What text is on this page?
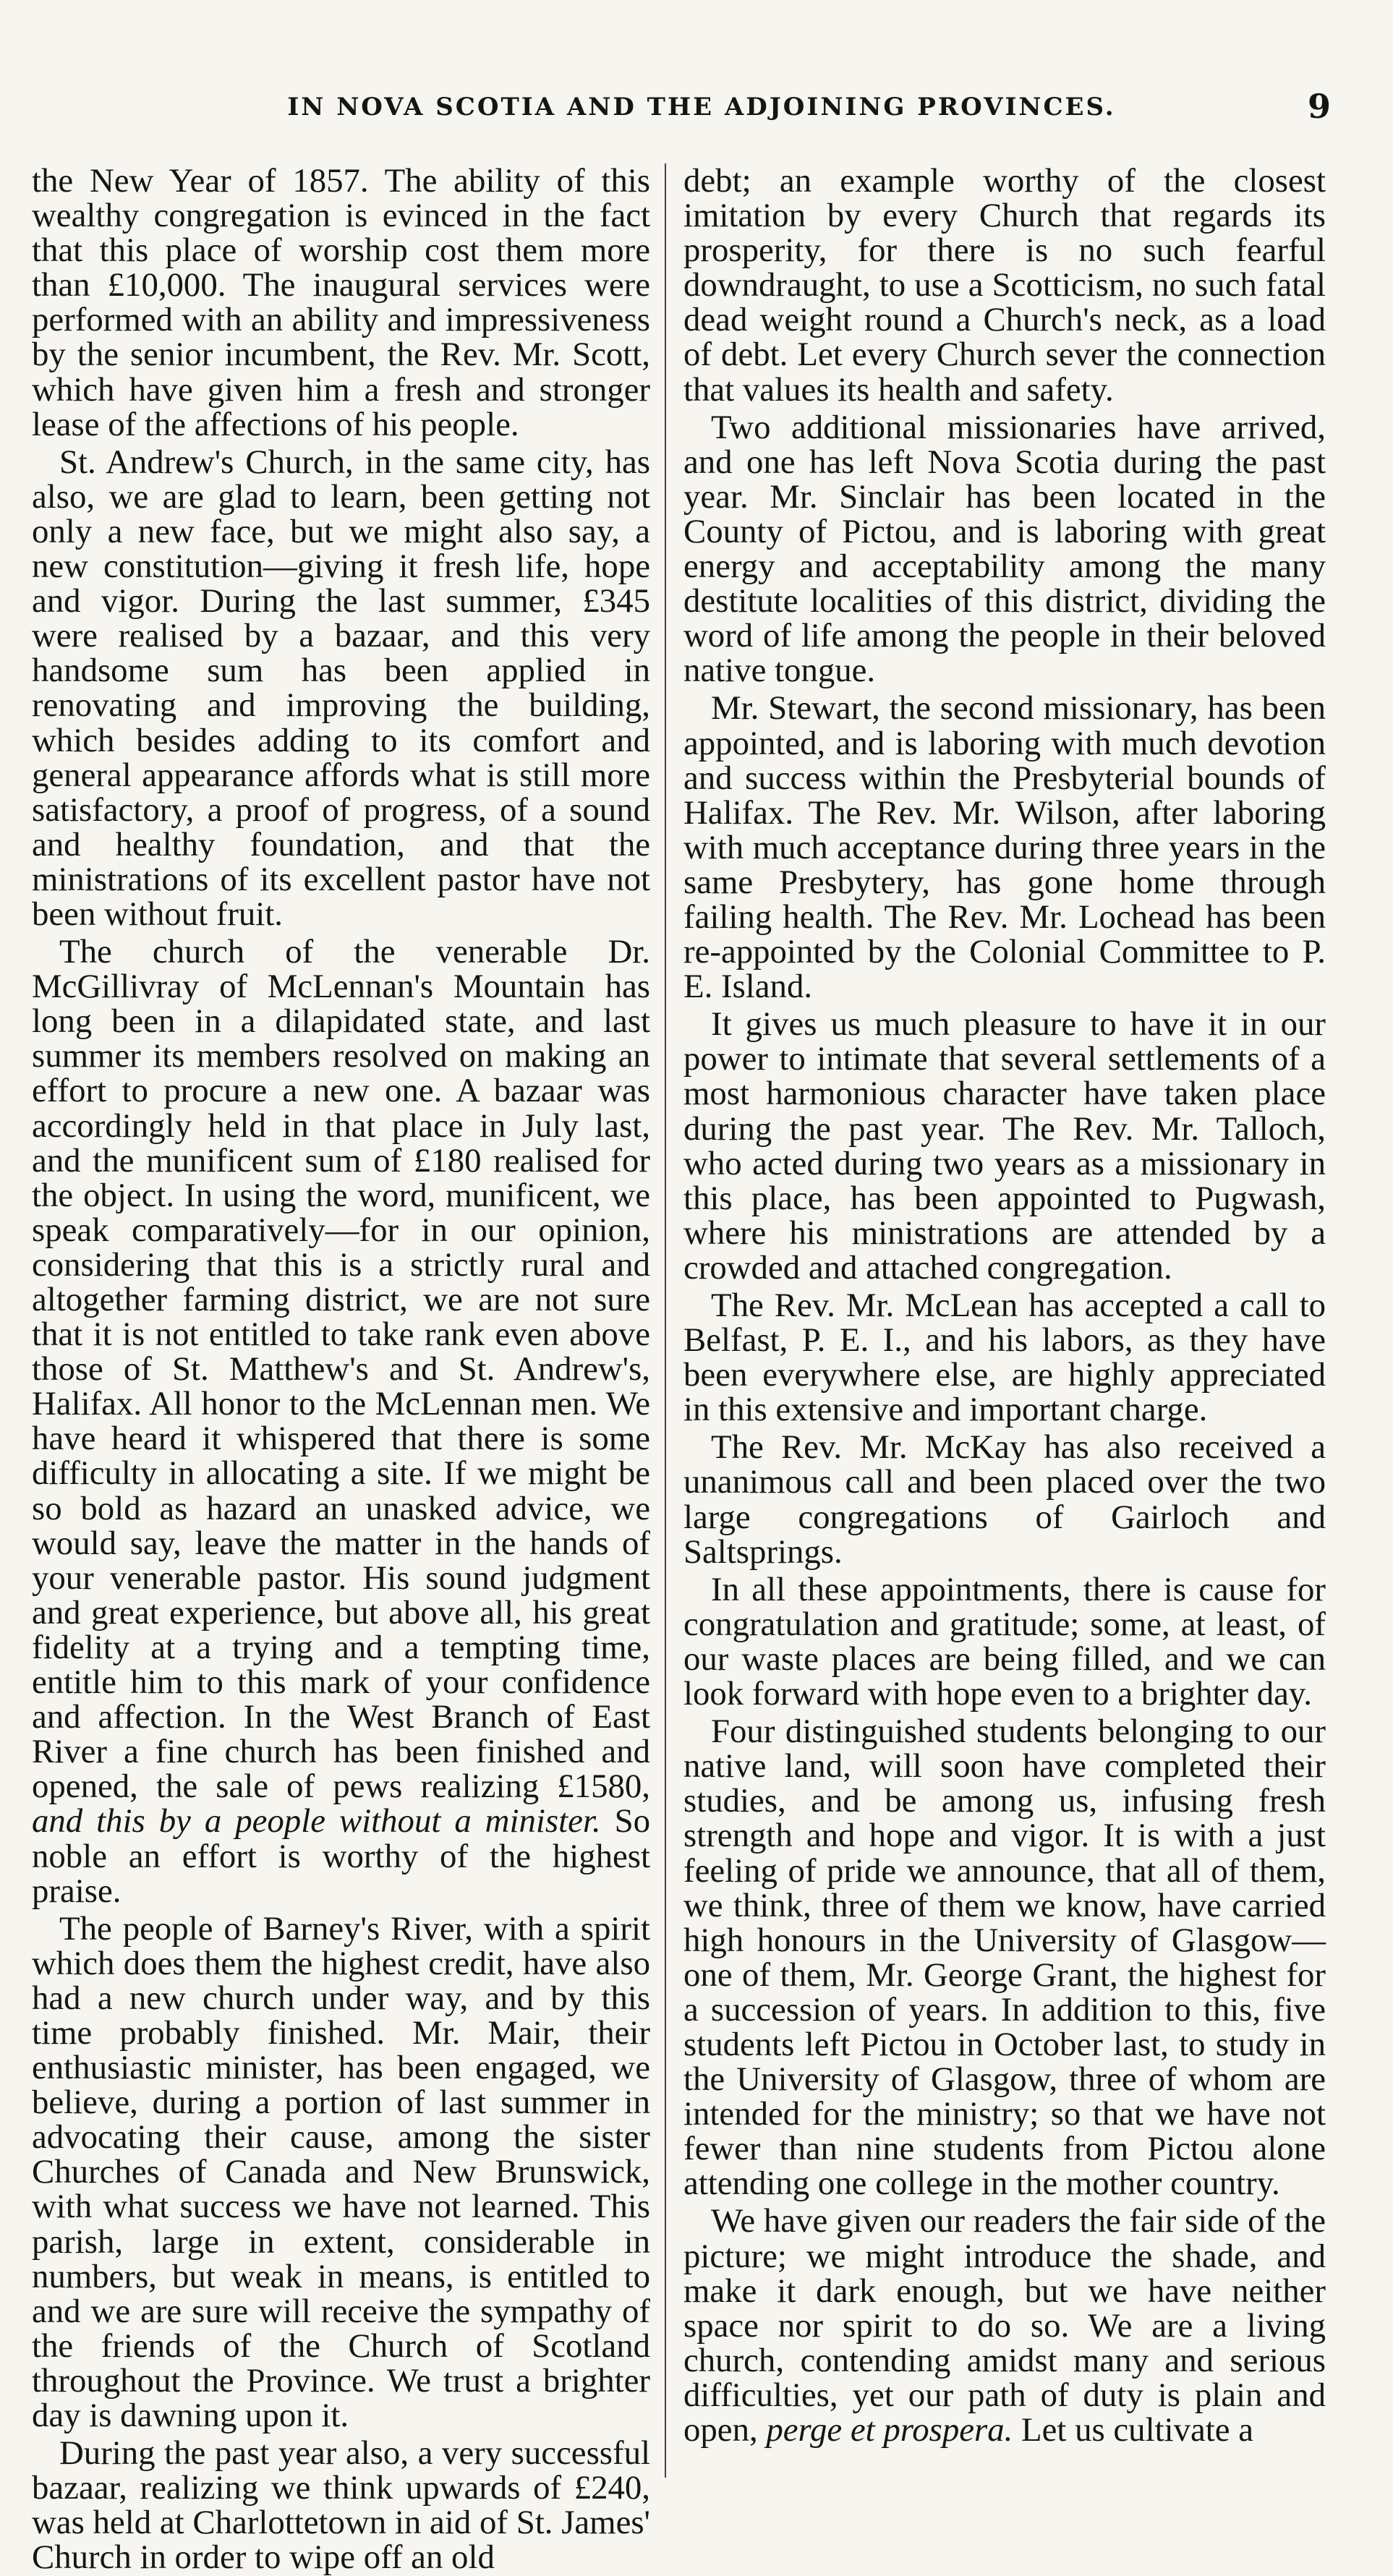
IN NOVA SCOTIA AND THE ADJOINING PROVINCES.	9

the New Year of 1857. The ability of this wealthy congregation is evinced in the fact that this place of worship cost them more than £10,000. The inaugural services were performed with an ability and impressiveness by the senior incumbent, the Rev. Mr. Scott, which have given him a fresh and stronger lease of the affections of his people.

St. Andrew's Church, in the same city, has also, we are glad to learn, been getting not only a new face, but we might also say, a new constitution—giving it fresh life, hope and vigor. During the last summer, £345 were realised by a bazaar, and this very handsome sum has been applied in renovating and improving the building, which besides adding to its comfort and general appearance affords what is still more satisfactory, a proof of progress, of a sound and healthy foundation, and that the ministrations of its excellent pastor have not been without fruit.

The church of the venerable Dr. McGillivray of McLennan's Mountain has long been in a dilapidated state, and last summer its members resolved on making an effort to procure a new one. A bazaar was accordingly held in that place in July last, and the munificent sum of £180 realised for the object. In using the word, munificent, we speak comparatively—for in our opinion, considering that this is a strictly rural and altogether farming district, we are not sure that it is not entitled to take rank even above those of St. Matthew's and St. Andrew's, Halifax. All honor to the McLennan men. We have heard it whispered that there is some difficulty in allocating a site. If we might be so bold as hazard an unasked advice, we would say, leave the matter in the hands of your venerable pastor. His sound judgment and great experience, but above all, his great fidelity at a trying and a tempting time, entitle him to this mark of your confidence and affection. In the West Branch of East River a fine church has been finished and opened, the sale of pews realizing £1580, and this by a people without a minister. So noble an effort is worthy of the highest praise.

The people of Barney's River, with a spirit which does them the highest credit, have also had a new church under way, and by this time probably finished. Mr. Mair, their enthusiastic minister, has been engaged, we believe, during a portion of last summer in advocating their cause, among the sister Churches of Canada and New Brunswick, with what success we have not learned. This parish, large in extent, considerable in numbers, but weak in means, is entitled to and we are sure will receive the sympathy of the friends of the Church of Scotland throughout the Province. We trust a brighter day is dawning upon it.

During the past year also, a very successful bazaar, realizing we think upwards of £240, was held at Charlottetown in aid of St. James' Church in order to wipe off an old

debt; an example worthy of the closest imitation by every Church that regards its prosperity, for there is no such fearful downdraught, to use a Scotticism, no such fatal dead weight round a Church's neck, as a load of debt. Let every Church sever the connection that values its health and safety.

Two additional missionaries have arrived, and one has left Nova Scotia during the past year. Mr. Sinclair has been located in the County of Pictou, and is laboring with great energy and acceptability among the many destitute localities of this district, dividing the word of life among the people in their beloved native tongue.

Mr. Stewart, the second missionary, has been appointed, and is laboring with much devotion and success within the Presbyterial bounds of Halifax. The Rev. Mr. Wilson, after laboring with much acceptance during three years in the same Presbytery, has gone home through failing health. The Rev. Mr. Lochead has been re-appointed by the Colonial Committee to P. E. Island.

It gives us much pleasure to have it in our power to intimate that several settlements of a most harmonious character have taken place during the past year. The Rev. Mr. Talloch, who acted during two years as a missionary in this place, has been appointed to Pugwash, where his ministrations are attended by a crowded and attached congregation.

The Rev. Mr. McLean has accepted a call to Belfast, P. E. I., and his labors, as they have been everywhere else, are highly appreciated in this extensive and important charge.

The Rev. Mr. McKay has also received a unanimous call and been placed over the two large congregations of Gairloch and Saltsprings.

In all these appointments, there is cause for congratulation and gratitude; some, at least, of our waste places are being filled, and we can look forward with hope even to a brighter day.

Four distinguished students belonging to our native land, will soon have completed their studies, and be among us, infusing fresh strength and hope and vigor. It is with a just feeling of pride we announce, that all of them, we think, three of them we know, have carried high honours in the University of Glasgow—one of them, Mr. George Grant, the highest for a succession of years. In addition to this, five students left Pictou in October last, to study in the University of Glasgow, three of whom are intended for the ministry; so that we have not fewer than nine students from Pictou alone attending one college in the mother country.

We have given our readers the fair side of the picture; we might introduce the shade, and make it dark enough, but we have neither space nor spirit to do so. We are a living church, contending amidst many and serious difficulties, yet our path of duty is plain and open, perge et prospera. Let us cultivate a
